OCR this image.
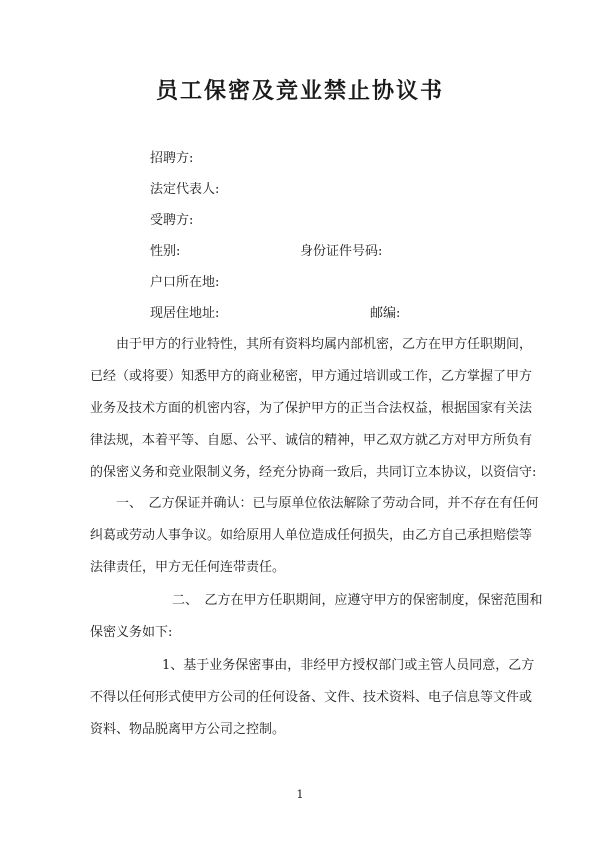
员工保密及竞业禁止协议书
招聘方:
法定代表人:
受聘方:
性别:	身份证件号码:
户口所在地:
现居住地址:	邮编:
由于甲方的行业特性，其所有资料均属内部机密，乙方在甲方任职期间，
已经（或将要）知悉甲方的商业秘密，甲方通过培训或工作，乙方掌握了甲方
业务及技术方面的机密内容，为了保护甲方的正当合法权益，根据国家有关法
律法规，本着平等、自愿、公平、诚信的精神，甲乙双方就乙方对甲方所负有
的保密义务和竞业限制义务，经充分协商一致后，共同订立本协议，以资信守:
一、　乙方保证并确认：已与原单位依法解除了劳动合同，并不存在有任何
纠葛或劳动人事争议。如给原用人单位造成任何损失，由乙方自己承担赔偿等
法律责任，甲方无任何连带责任。
二、　乙方在甲方任职期间，应遵守甲方的保密制度，保密范围和
保密义务如下:
1、基于业务保密事由，非经甲方授权部门或主管人员同意，乙方
不得以任何形式使甲方公司的任何设备、文件、技术资料、电子信息等文件或
资料、物品脱离甲方公司之控制。
1
